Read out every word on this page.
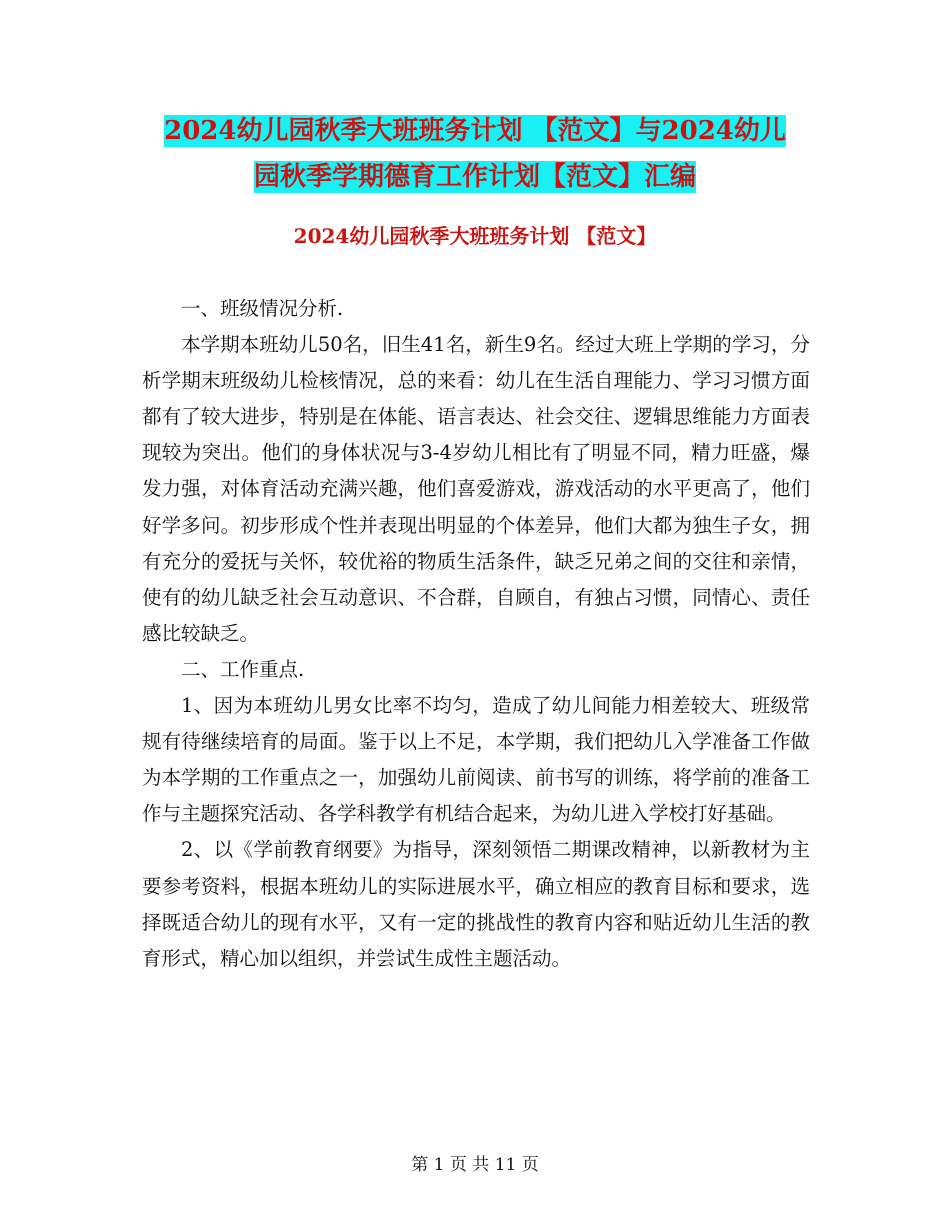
2024幼儿园秋季大班班务计划 【范文】与2024幼儿
园秋季学期德育工作计划【范文】汇编
2024幼儿园秋季大班班务计划 【范文】

一、班级情况分析.

本学期本班幼儿50名，旧生41名，新生9名。经过大班上学期的学习，分析学期末班级幼儿检核情况，总的来看：幼儿在生活自理能力、学习习惯方面都有了较大进步，特别是在体能、语言表达、社会交往、逻辑思维能力方面表现较为突出。他们的身体状况与3-4岁幼儿相比有了明显不同，精力旺盛，爆发力强，对体育活动充满兴趣，他们喜爱游戏，游戏活动的水平更高了，他们好学多问。初步形成个性并表现出明显的个体差异，他们大都为独生子女，拥有充分的爱抚与关怀，较优裕的物质生活条件，缺乏兄弟之间的交往和亲情，使有的幼儿缺乏社会互动意识、不合群，自顾自，有独占习惯，同情心、责任感比较缺乏。

二、工作重点.

1、因为本班幼儿男女比率不均匀，造成了幼儿间能力相差较大、班级常规有待继续培育的局面。鉴于以上不足，本学期，我们把幼儿入学准备工作做为本学期的工作重点之一，加强幼儿前阅读、前书写的训练，将学前的准备工作与主题探究活动、各学科教学有机结合起来，为幼儿进入学校打好基础。

2、以《学前教育纲要》为指导，深刻领悟二期课改精神，以新教材为主要参考资料，根据本班幼儿的实际进展水平，确立相应的教育目标和要求，选择既适合幼儿的现有水平，又有一定的挑战性的教育内容和贴近幼儿生活的教育形式，精心加以组织，并尝试生成性主题活动。

第 1 页 共 11 页
